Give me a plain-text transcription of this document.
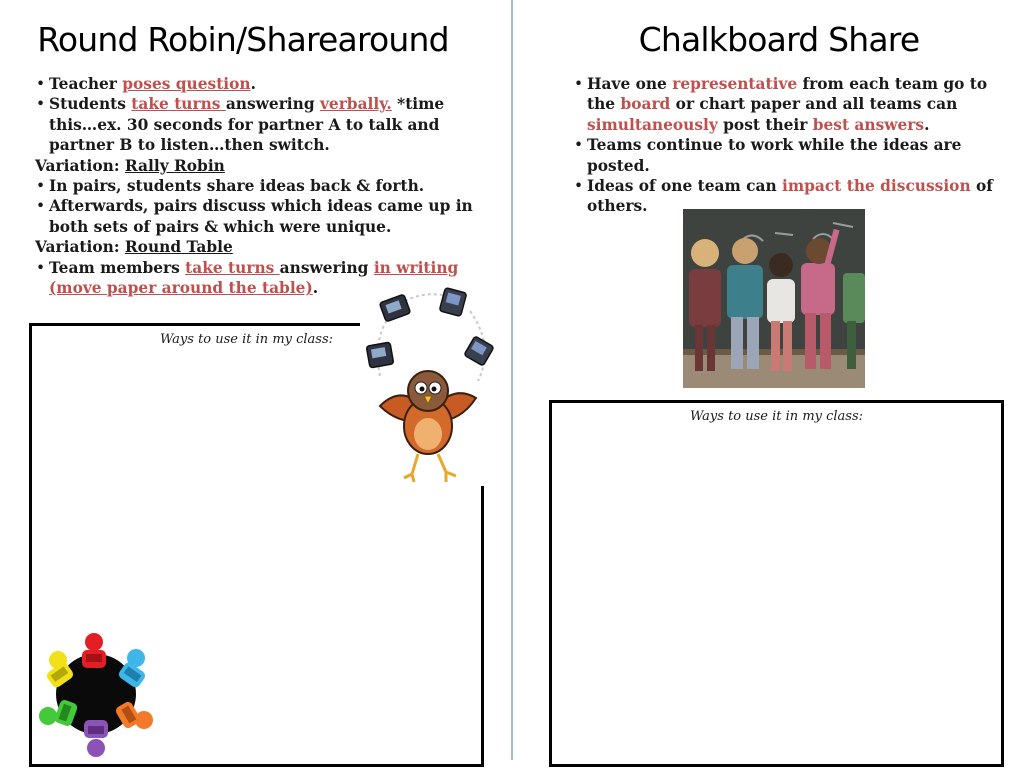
Round Robin/Sharearound	Chalkboard Share
• Teacher poses question.
• Students take turns answering verbally. *time this…ex. 30 seconds for partner A to talk and partner B to listen…then switch.
Variation: Rally Robin
• In pairs, students share ideas back & forth.
• Afterwards, pairs discuss which ideas came up in both sets of pairs & which were unique.
Variation: Round Table
• Team members take turns answering in writing (move paper around the table).
• Have one representative from each team go to the board or chart paper and all teams can simultaneously post their best answers.
• Teams continue to work while the ideas are posted.
• Ideas of one team can impact the discussion of others.
Ways to use it in my class:
Ways to use it in my class:
